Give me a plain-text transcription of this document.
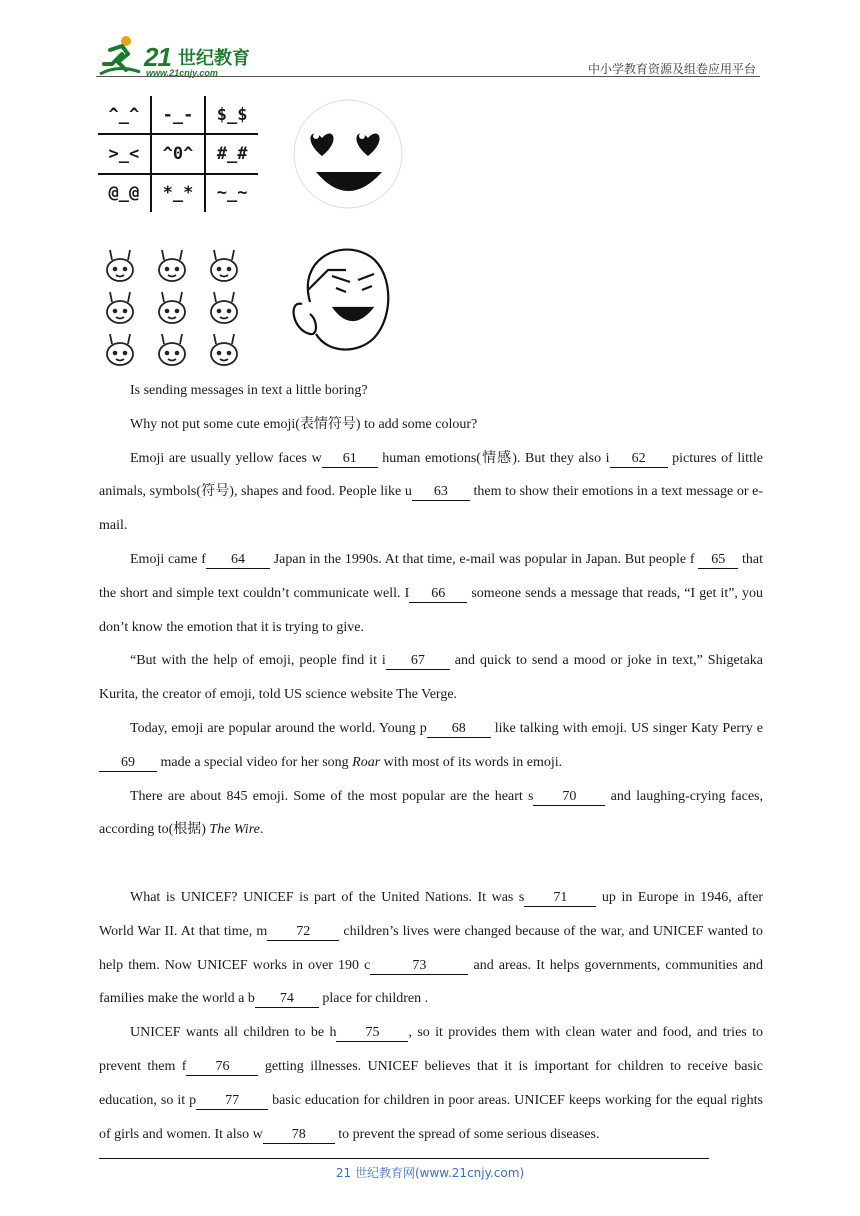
21 世纪教育
www.21cnjy.com	中小学教育资源及组卷应用平台
^_^	-_-	$_$
>_<	^0^	#_#
@_@	*_*	~_~

Is sending messages in text a little boring?

Why not put some cute emoji(表情符号) to add some colour?

Emoji are usually yellow faces w 61 human emotions(情感). But they also i 62 pictures of little animals, symbols(符号), shapes and food. People like u 63 them to show their emotions in a text message or e-mail.

Emoji came f 64 Japan in the 1990s. At that time, e-mail was popular in Japan. But people f 65 that the short and simple text couldn’t communicate well. I 66 someone sends a message that reads, “I get it”, you don’t know the emotion that it is trying to give.

“But with the help of emoji, people find it i 67 and quick to send a mood or joke in text,” Shigetaka Kurita, the creator of emoji, told US science website The Verge.

Today, emoji are popular around the world. Young p 68 like talking with emoji. US singer Katy Perry e69 made a special video for her song Roar with most of its words in emoji.

There are about 845 emoji. Some of the most popular are the heart s 70 and laughing-crying faces, according to(根据) The Wire.

What is UNICEF? UNICEF is part of the United Nations. It was s 71 up in Europe in 1946, after World War II. At that time, m 72 children’s lives were changed because of the war, and UNICEF wanted to help them. Now UNICEF works in over 190 c	73	and areas. It helps governments, communities and families make the world a b 74 place for children .

UNICEF wants all children to be h 75 , so it provides them with clean water and food, and tries to prevent them f 76 getting illnesses. UNICEF believes that it is important for children to receive basic education, so it p 77 basic education for children in poor areas. UNICEF keeps working for the equal rights of girls and women. It also w 78 to prevent the spread of some serious diseases.

21 世纪教育网(www.21cnjy.com)
